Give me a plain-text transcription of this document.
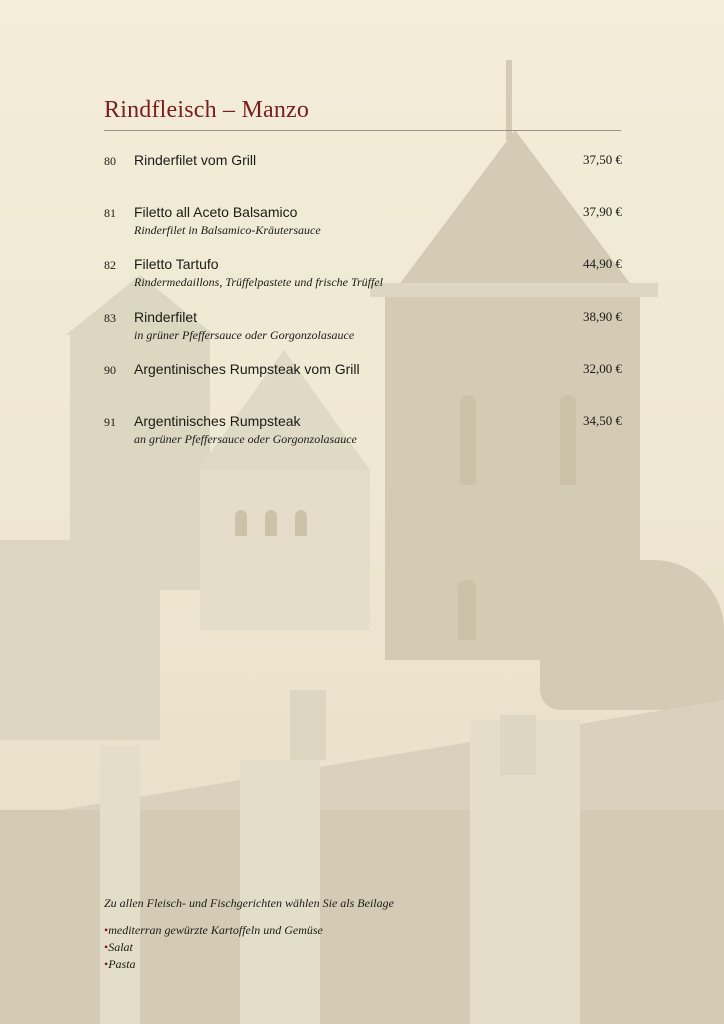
Rindfleisch – Manzo
80 Rinderfilet vom Grill	37,50 €
81 Filetto all Aceto Balsamico
Rinderfilet in Balsamico-Kräutersauce
37,90 €
82 Filetto Tartufo
Rindermedaillons, Trüffelpastete und frische Trüffel
44,90 €
83 Rinderfilet
in grüner Pfeffersauce oder Gorgonzolasauce
38,90 €
90 Argentinisches Rumpsteak vom Grill	32,00 €
91 Argentinisches Rumpsteak
an grüner Pfeffersauce oder Gorgonzolasauce
34,50 €
Zu allen Fleisch- und Fischgerichten wählen Sie als Beilage
•mediterran gewürzte Kartoffeln und Gemüse
•Salat
•Pasta
